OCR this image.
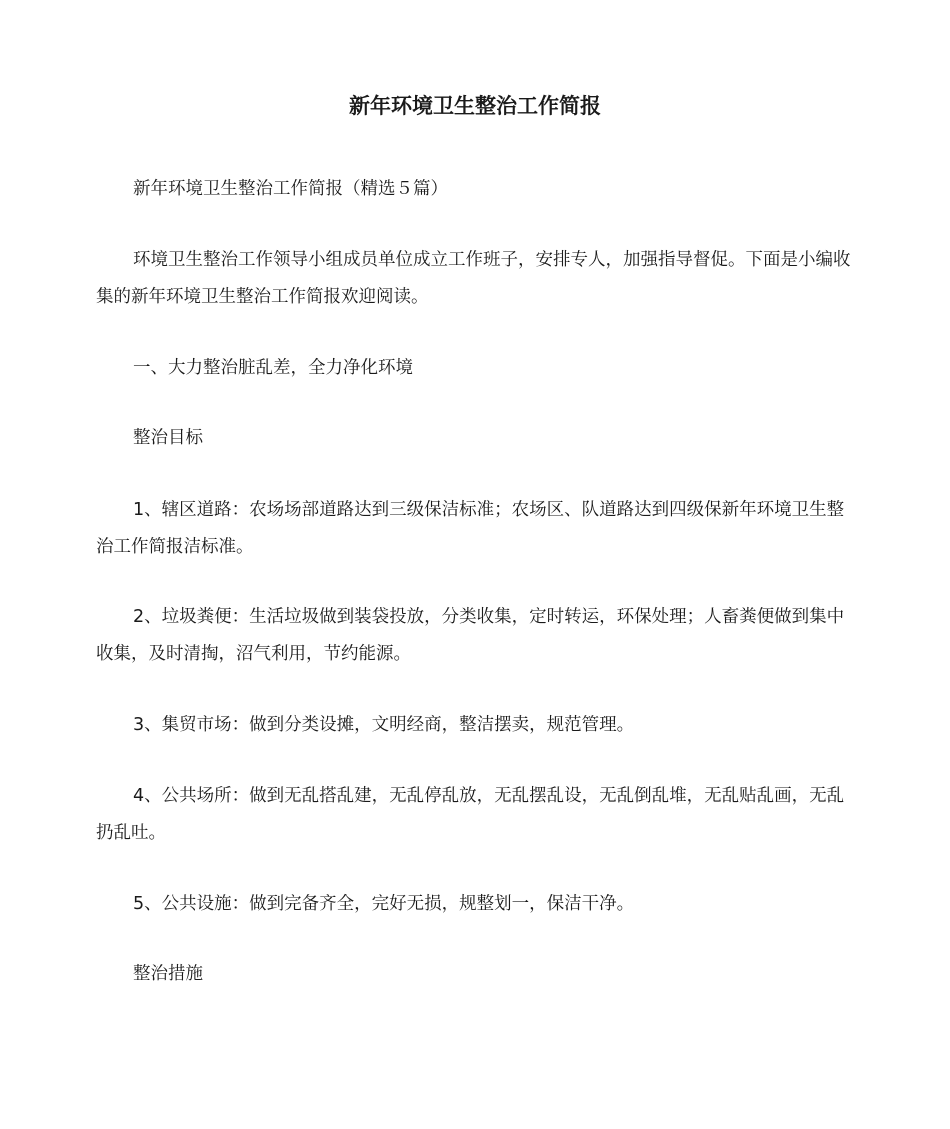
新年环境卫生整治工作简报

新年环境卫生整治工作简报（精选５篇）

环境卫生整治工作领导小组成员单位成立工作班子，安排专人，加强指导督促。下面是小编收集的新年环境卫生整治工作简报欢迎阅读。

一、大力整治脏乱差，全力净化环境

整治目标

1、辖区道路：农场场部道路达到三级保洁标准；农场区、队道路达到四级保新年环境卫生整治工作简报洁标准。

2、垃圾粪便：生活垃圾做到装袋投放，分类收集，定时转运，环保处理；人畜粪便做到集中收集，及时清掏，沼气利用，节约能源。

3、集贸市场：做到分类设摊，文明经商，整洁摆卖，规范管理。

4、公共场所：做到无乱搭乱建，无乱停乱放，无乱摆乱设，无乱倒乱堆，无乱贴乱画，无乱扔乱吐。

5、公共设施：做到完备齐全，完好无损，规整划一，保洁干净。

整治措施
